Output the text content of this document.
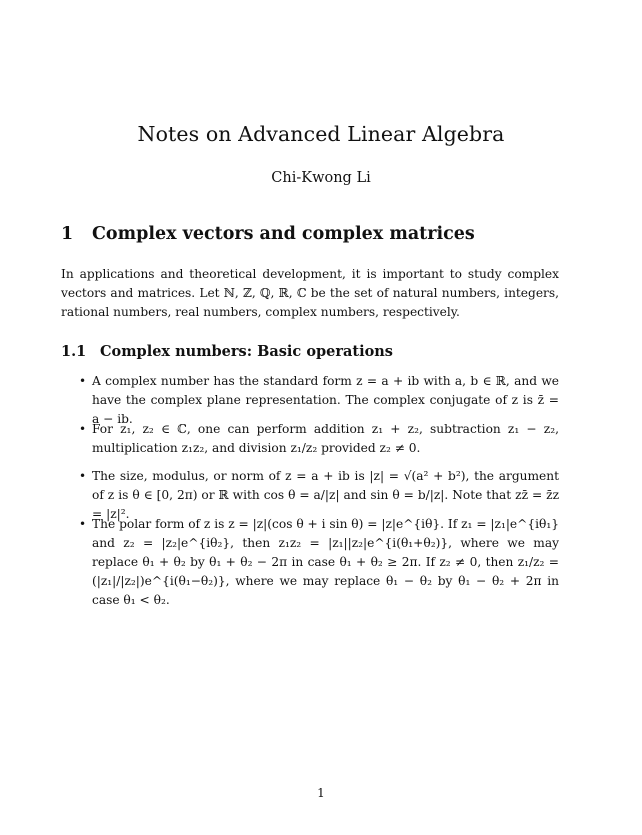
Notes on Advanced Linear Algebra
Chi-Kwong Li
1 Complex vectors and complex matrices
In applications and theoretical development, it is important to study complex vectors and matrices. Let ℕ, ℤ, ℚ, ℝ, ℂ be the set of natural numbers, integers, rational numbers, real numbers, complex numbers, respectively.
1.1 Complex numbers: Basic operations
• A complex number has the standard form z = a + ib with a, b ∈ ℝ, and we have the complex plane representation. The complex conjugate of z is z̄ = a − ib.
• For z₁, z₂ ∈ ℂ, one can perform addition z₁ + z₂, subtraction z₁ − z₂, multiplication z₁z₂, and division z₁/z₂ provided z₂ ≠ 0.
• The size, modulus, or norm of z = a + ib is |z| = √(a² + b²), the argument of z is θ ∈ [0, 2π) or ℝ with cos θ = a/|z| and sin θ = b/|z|. Note that zz̄ = z̄z = |z|².
• The polar form of z is z = |z|(cos θ + i sin θ) = |z|e^{iθ}. If z₁ = |z₁|e^{iθ₁} and z₂ = |z₂|e^{iθ₂}, then z₁z₂ = |z₁||z₂|e^{i(θ₁+θ₂)}, where we may replace θ₁ + θ₂ by θ₁ + θ₂ − 2π in case θ₁ + θ₂ ≥ 2π. If z₂ ≠ 0, then z₁/z₂ = (|z₁|/|z₂|)e^{i(θ₁−θ₂)}, where we may replace θ₁ − θ₂ by θ₁ − θ₂ + 2π in case θ₁ < θ₂.
1
